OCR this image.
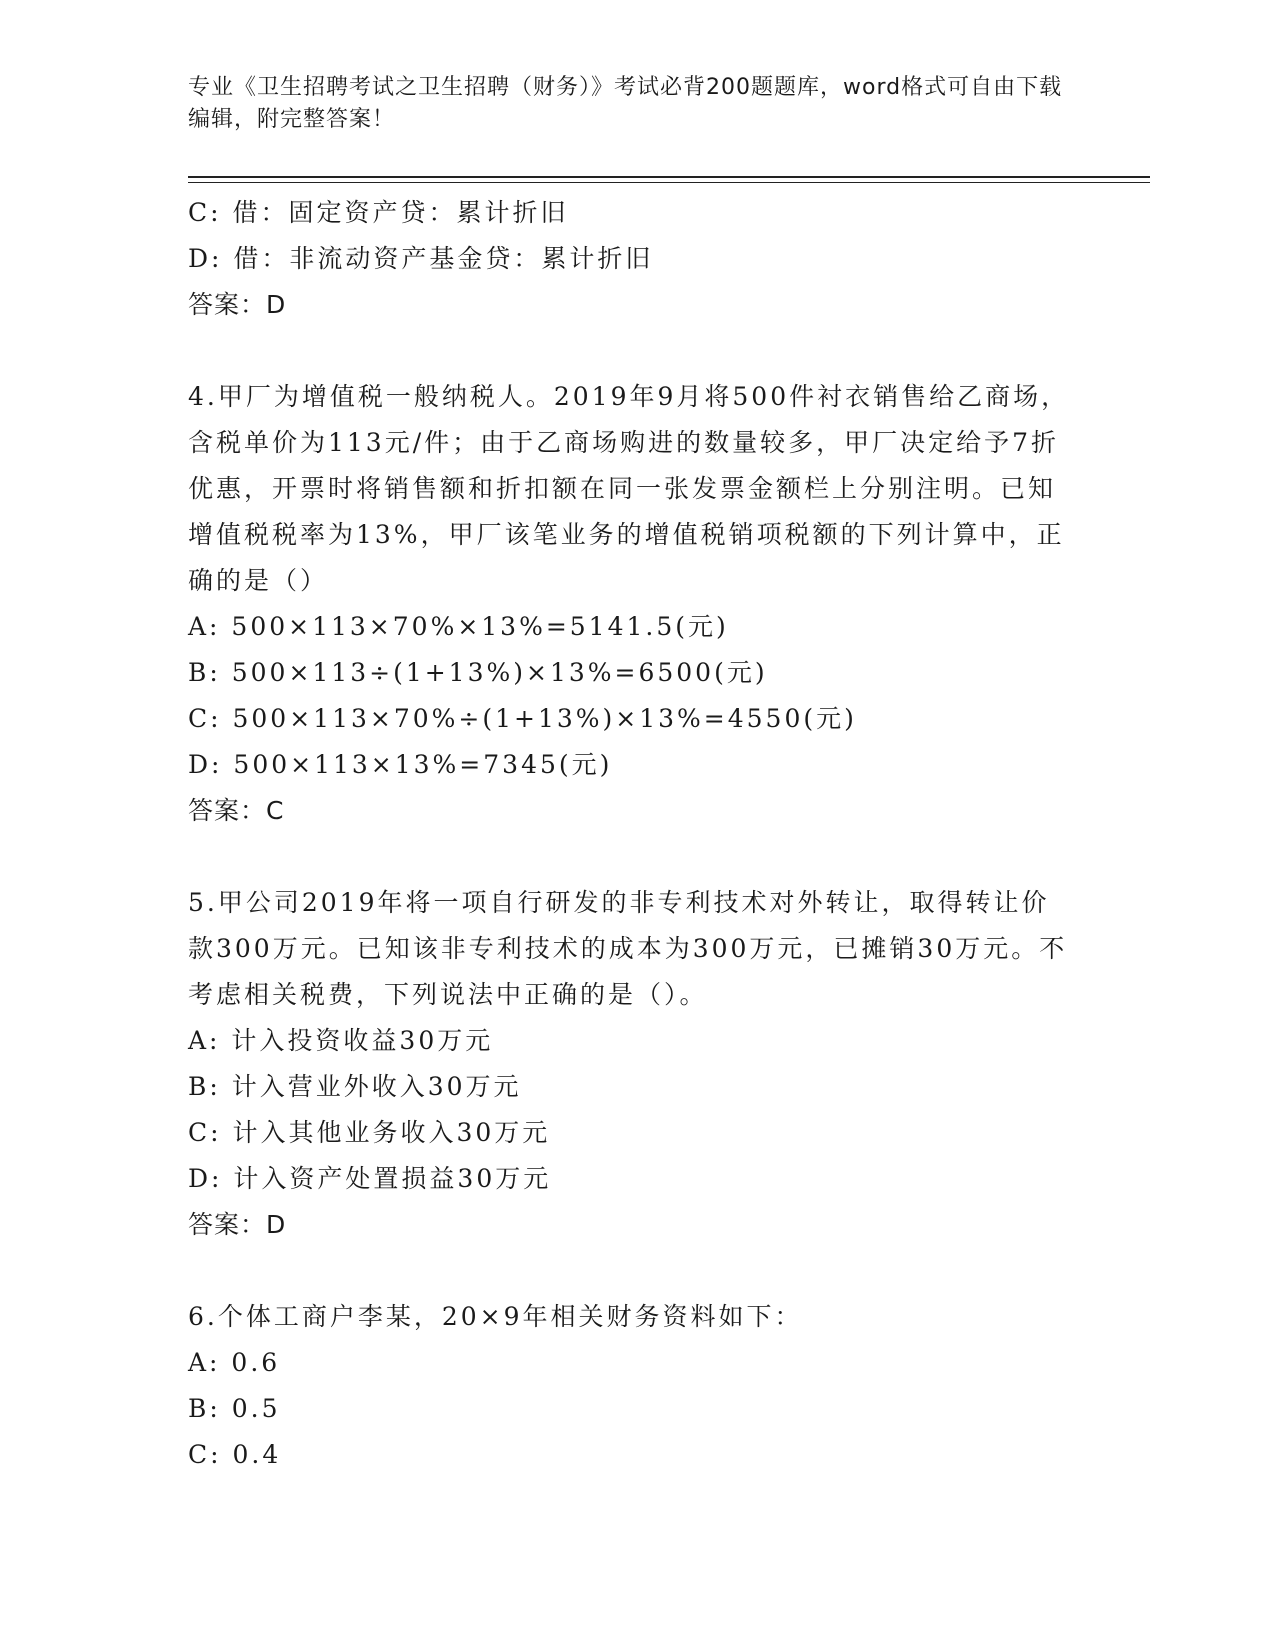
专业《卫生招聘考试之卫生招聘（财务）》考试必背200题题库，word格式可自由下载编辑，附完整答案！
C: 借：固定资产贷：累计折旧
D: 借：非流动资产基金贷：累计折旧
答案：D
4.甲厂为增值税一般纳税人。2019年9月将500件衬衣销售给乙商场，含税单价为113元/件；由于乙商场购进的数量较多，甲厂决定给予7折优惠，开票时将销售额和折扣额在同一张发票金额栏上分别注明。已知增值税税率为13%，甲厂该笔业务的增值税销项税额的下列计算中，正确的是（）
A: 500×113×70%×13%=5141.5(元)
B: 500×113÷(1+13%)×13%=6500(元)
C: 500×113×70%÷(1+13%)×13%=4550(元)
D: 500×113×13%=7345(元)
答案：C
5.甲公司2019年将一项自行研发的非专利技术对外转让，取得转让价款300万元。已知该非专利技术的成本为300万元，已摊销30万元。不考虑相关税费，下列说法中正确的是（）。
A: 计入投资收益30万元
B: 计入营业外收入30万元
C: 计入其他业务收入30万元
D: 计入资产处置损益30万元
答案：D
6.个体工商户李某，20×9年相关财务资料如下：
A: 0.6
B: 0.5
C: 0.4
